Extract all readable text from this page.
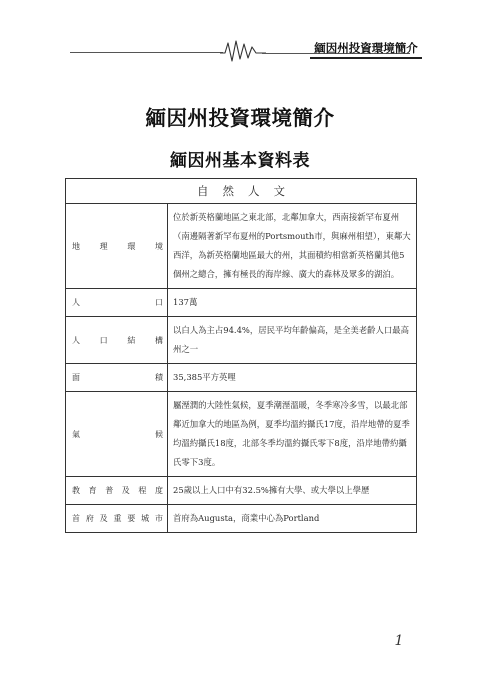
緬因州投資環境簡介
緬因州投資環境簡介
緬因州基本資料表
自然人文	

地理環境	位於新英格蘭地區之東北部，北鄰加拿大，西南接新罕布夏州（南邊隔著新罕布夏州的Portsmouth市，與麻州相望），東鄰大西洋，為新英格蘭地區最大的州，其面積約相當新英格蘭其他5個州之總合，擁有極長的海岸線、廣大的森林及眾多的湖泊。

人口	137萬

人口結構	以白人為主占94.4%，居民平均年齡偏高，是全美老齡人口最高州之一

面積	35,385平方英哩

氣候	屬溼潤的大陸性氣候，夏季潮溼溫暖，冬季寒冷多雪，以最北部鄰近加拿大的地區為例，夏季均溫約攝氏17度，沿岸地帶的夏季均溫約攝氏18度，北部冬季均溫約攝氏零下8度，沿岸地帶約攝氏零下3度。

教育普及程度	25歲以上人口中有32.5%擁有大學、或大學以上學歷

首府及重要城市	首府為Augusta，商業中心為Portland
1
